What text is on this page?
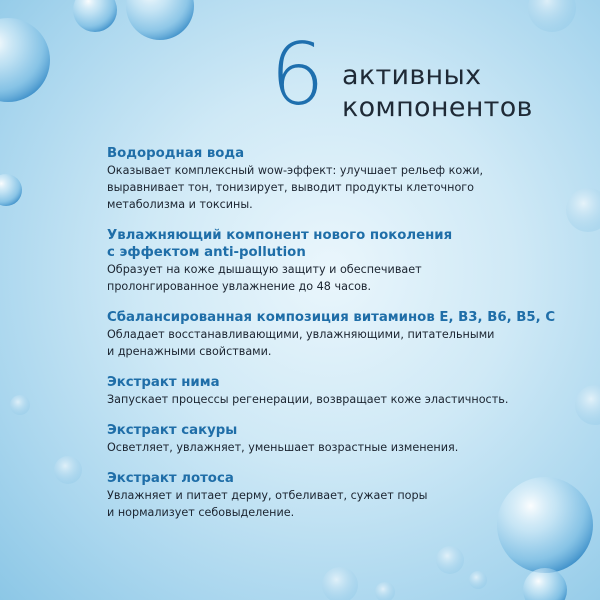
6 активных
компонентов
Водородная вода
Оказывает комплексный wow-эффект: улучшает рельеф кожи,
выравнивает тон, тонизирует, выводит продукты клеточного
метаболизма и токсины.
Увлажняющий компонент нового поколения
с эффектом anti-pollution
Образует на коже дышащую защиту и обеспечивает
пролонгированное увлажнение до 48 часов.
Сбалансированная композиция витаминов E, B3, B6, B5, C
Обладает восстанавливающими, увлажняющими, питательными
и дренажными свойствами.
Экстракт нима
Запускает процессы регенерации, возвращает коже эластичность.
Экстракт сакуры
Осветляет, увлажняет, уменьшает возрастные изменения.
Экстракт лотоса
Увлажняет и питает дерму, отбеливает, сужает поры
и нормализует себовыделение.
